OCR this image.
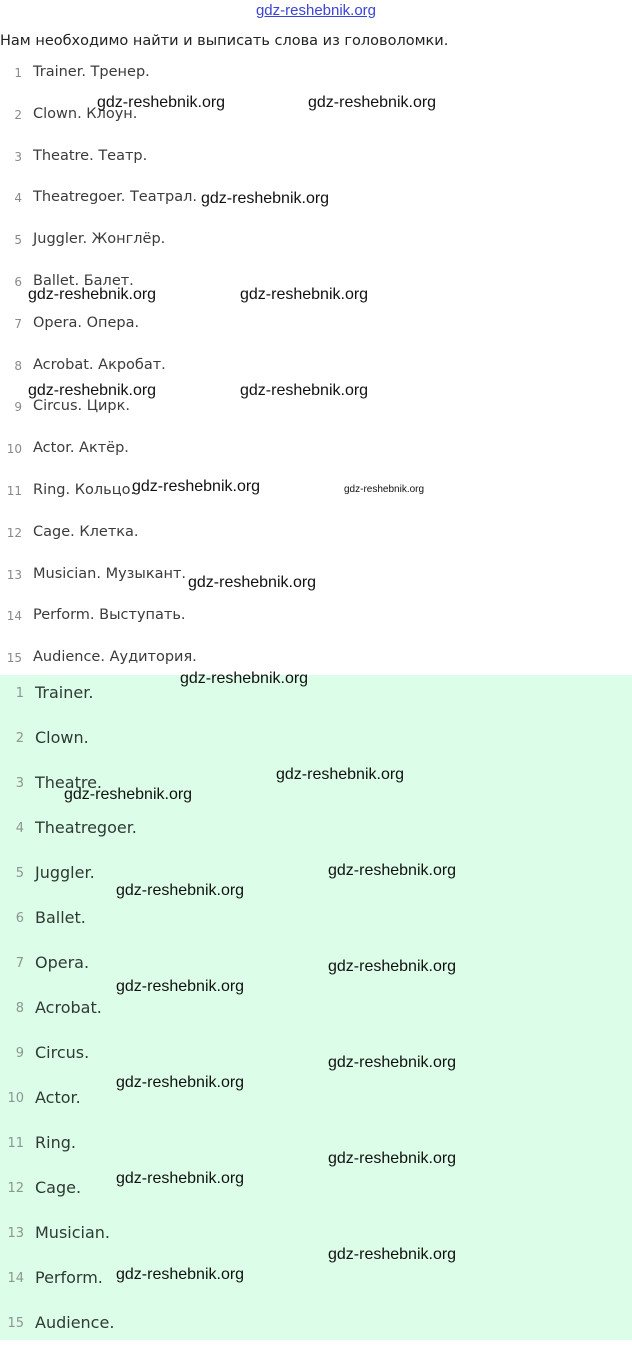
gdz-reshebnik.org
Нам необходимо найти и выписать слова из головоломки.
1 Trainer. Тренер.
2 Clown. Клоун.
3 Theatre. Театр.
4 Theatregoer. Театрал.
5 Juggler. Жонглёр.
6 Ballet. Балет.
7 Opera. Опера.
8 Acrobat. Акробат.
9 Circus. Цирк.
10 Actor. Актёр.
11 Ring. Кольцо.
12 Cage. Клетка.
13 Musician. Музыкант.
14 Perform. Выступать.
15 Audience. Аудитория.
1 Trainer.
2 Clown.
3 Theatre.
4 Theatregoer.
5 Juggler.
6 Ballet.
7 Opera.
8 Acrobat.
9 Circus.
10 Actor.
11 Ring.
12 Cage.
13 Musician.
14 Perform.
15 Audience.
gdz-reshebnik.org	gdz-reshebnik.org
gdz-reshebnik.org
gdz-reshebnik.org	gdz-reshebnik.org
gdz-reshebnik.org	gdz-reshebnik.org
gdz-reshebnik.org	gdz-reshebnik.org
gdz-reshebnik.org
gdz-reshebnik.org
gdz-reshebnik.org
gdz-reshebnik.org
gdz-reshebnik.org
gdz-reshebnik.org
gdz-reshebnik.org
gdz-reshebnik.org
gdz-reshebnik.org
gdz-reshebnik.org
gdz-reshebnik.org
gdz-reshebnik.org
gdz-reshebnik.org
gdz-reshebnik.org
